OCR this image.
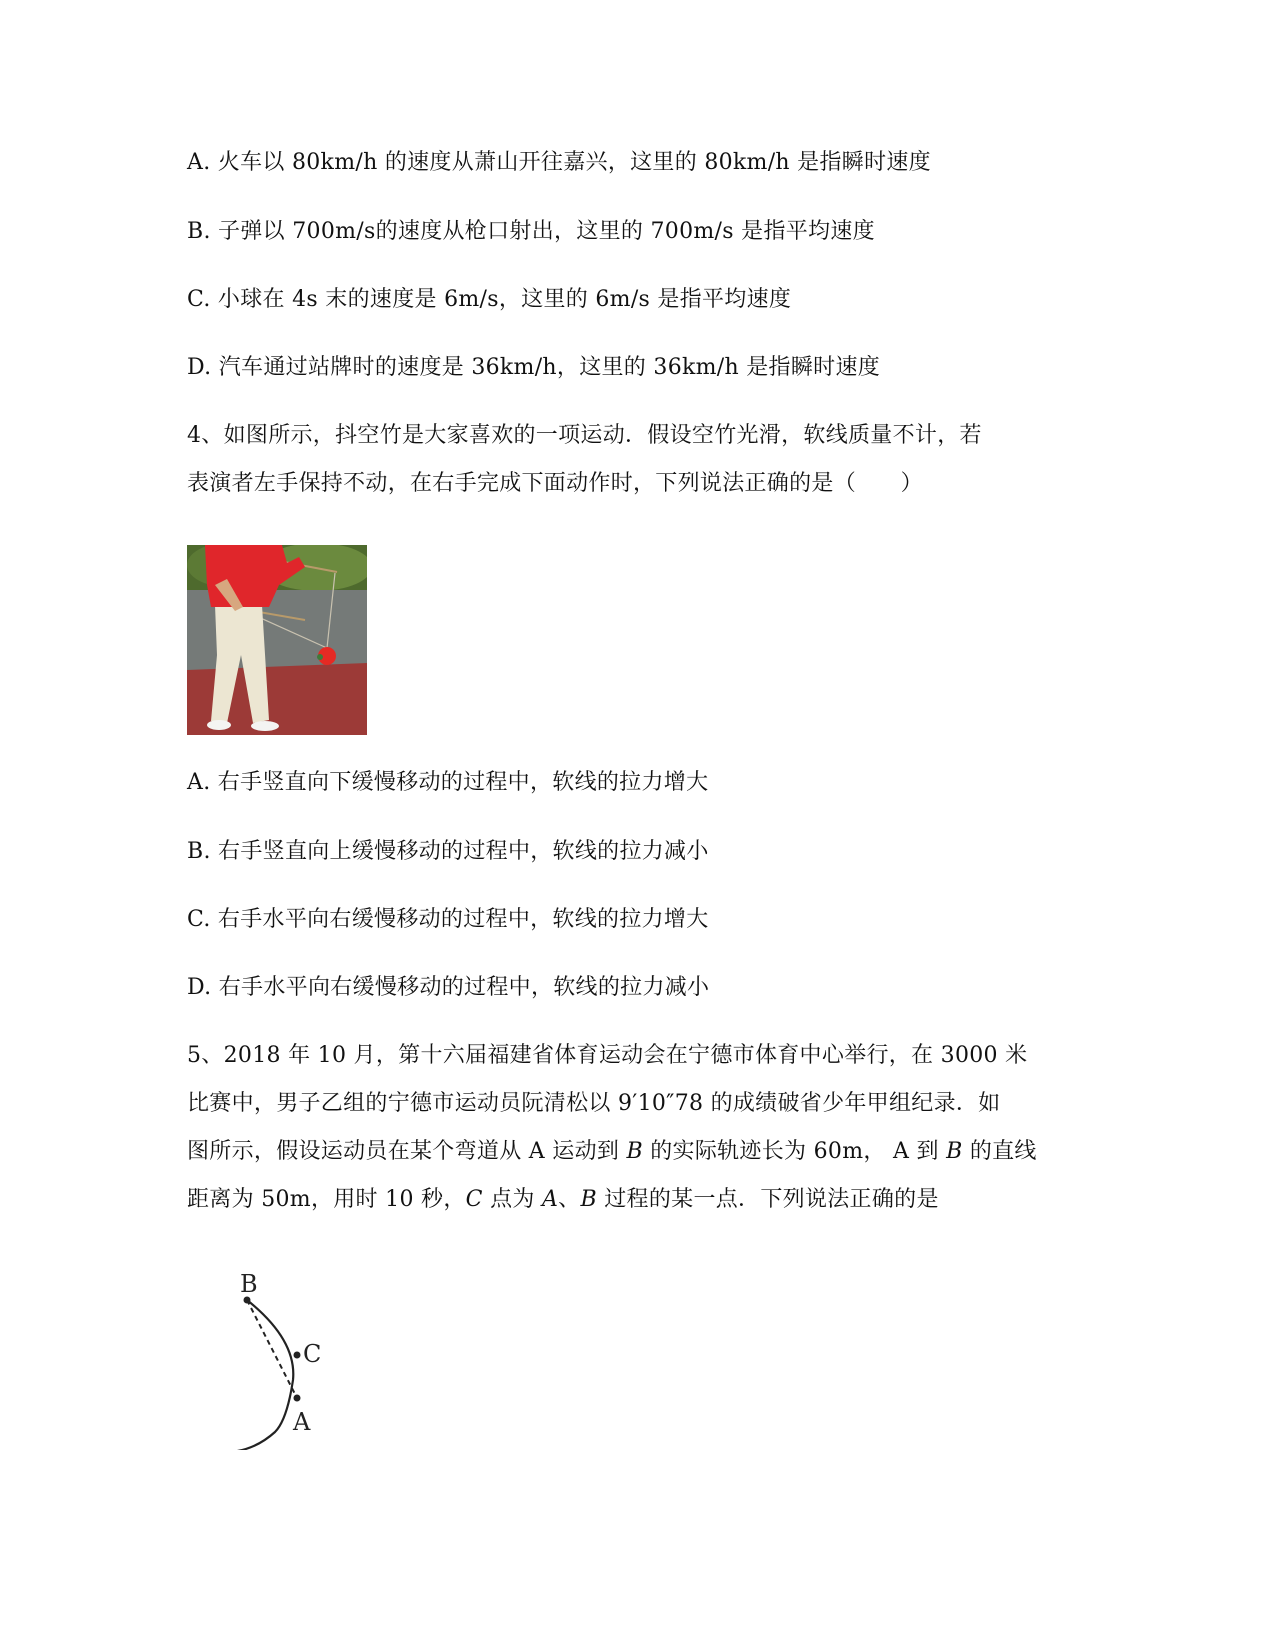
A. 火车以 80km/h 的速度从萧山开往嘉兴，这里的 80km/h 是指瞬时速度
B. 子弹以 700m/s的速度从枪口射出，这里的 700m/s 是指平均速度
C. 小球在 4s 末的速度是 6m/s，这里的 6m/s 是指平均速度
D. 汽车通过站牌时的速度是 36km/h，这里的 36km/h 是指瞬时速度
4、如图所示，抖空竹是大家喜欢的一项运动．假设空竹光滑，软线质量不计，若
表演者左手保持不动，在右手完成下面动作时，下列说法正确的是（　　）
A. 右手竖直向下缓慢移动的过程中，软线的拉力增大
B. 右手竖直向上缓慢移动的过程中，软线的拉力减小
C. 右手水平向右缓慢移动的过程中，软线的拉力增大
D. 右手水平向右缓慢移动的过程中，软线的拉力减小
5、2018 年 10 月，第十六届福建省体育运动会在宁德市体育中心举行，在 3000 米
比赛中，男子乙组的宁德市运动员阮清松以 9′10″78 的成绩破省少年甲组纪录．如
图所示，假设运动员在某个弯道从 A 运动到 B 的实际轨迹长为 60m， A 到 B 的直线
距离为 50m，用时 10 秒，C 点为 A、B 过程的某一点．下列说法正确的是
B
C
A
